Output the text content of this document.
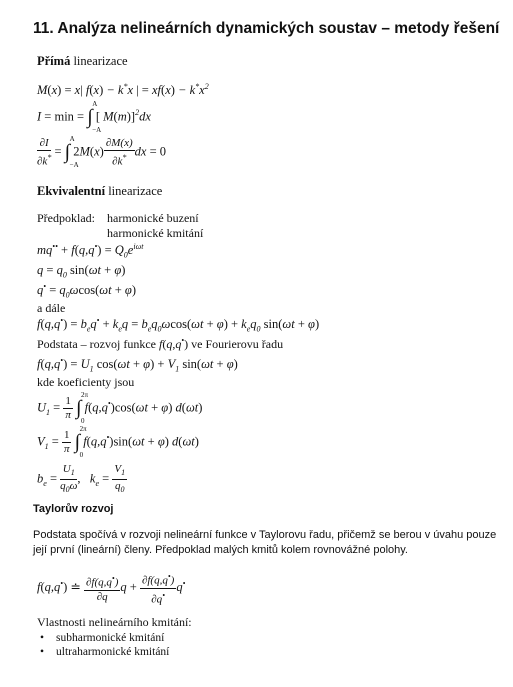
11. Analýza nelineárních dynamických soustav – metody řešení
Přímá linearizace
M(x) = x| f(x) − k*x | = $xf(x) - k^*x^2$
I = min = ∫
A
−A
[ M(m)]$^2$dx
$\frac{\partial I}{\partial k^*}$ = ∫
A
−A
$2M(x) \frac{\partial M(x)}{\partial k^*}$ dx = 0
Ekvivalentní linearizace
Předpoklad: harmonické buzení
harmonické kmitání
$mq^{••} + f(q,q^•) = Q_0e^{i\omega t}$
$q = q_0$ sin(ωt + φ)
$q^• = q_0\omega\cos(\omega t + \varphi)$
a dále
$f(q,q^•) = b_eq^• + k_eq = b_eq_0\omega\cos(\omega t + \varphi) + k_eq_0$ sin(ωt + φ)
Podstata – rozvoj funkce f(q,q•) ve Fourierovu řadu
$f(q,q^•) = U_1$ $\cos(\omega t + \varphi) + V_1$ sin(ωt + φ)
kde koeficienty jsou
$U_1 = \frac{1}{\pi}$ ∫
2π
0
f(q,q•)cos(ωt + φ) d(ωt)
$V_1 = \frac{1}{\pi}$ ∫
2π
0
f(q,q•)sin(ωt + φ) d(ωt)
$b_e = \frac{U_1}{q_0\omega}$ ,   $k_e = \frac{V_1}{q_0}$
Taylorův rozvoj
Podstata spočívá v rozvoji nelineární funkce v Taylorovu řadu, přičemž se berou v úvahu pouze její první (lineární) členy. Předpoklad malých kmitů kolem rovnovážné polohy.
f(q,q•) ≐ $\frac{\partial f(q,q^•)}{\partial q}$ $q + \frac{\partial f(q,q^•)}{\partial q^•} q^•$
Vlastnosti nelineárního kmitání:
• subharmonické kmitání
• ultraharmonické kmitání
